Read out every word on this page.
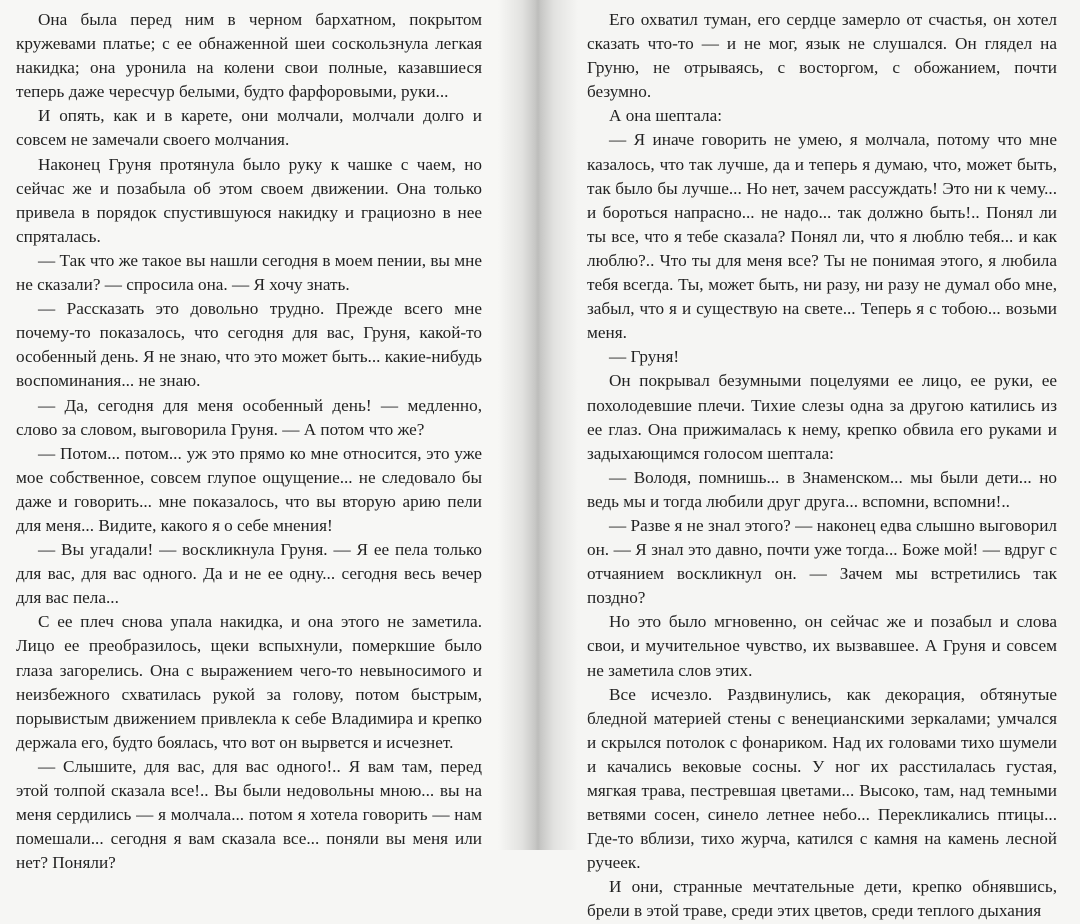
Она была перед ним в черном бархатном, покрытом кружевами платье; с ее обнаженной шеи соскользнула легкая накидка; она уронила на колени свои полные, казавшиеся теперь даже чересчур белыми, будто фарфоровыми, руки...

И опять, как и в карете, они молчали, молчали долго и совсем не замечали своего молчания.

Наконец Груня протянула было руку к чашке с чаем, но сейчас же и позабыла об этом своем движении. Она только привела в порядок спустившуюся накидку и грациозно в нее спряталась.

— Так что же такое вы нашли сегодня в моем пении, вы мне не сказали? — спросила она. — Я хочу знать.

— Рассказать это довольно трудно. Прежде всего мне почему-то показалось, что сегодня для вас, Груня, какой-то особенный день. Я не знаю, что это может быть... какие-нибудь воспоминания... не знаю.

— Да, сегодня для меня особенный день! — медленно, слово за словом, выговорила Груня. — А потом что же?

— Потом... потом... уж это прямо ко мне относится, это уже мое собственное, совсем глупое ощущение... не следовало бы даже и говорить... мне показалось, что вы вторую арию пели для меня... Видите, какого я о себе мнения!

— Вы угадали! — воскликнула Груня. — Я ее пела только для вас, для вас одного. Да и не ее одну... сегодня весь вечер для вас пела...

С ее плеч снова упала накидка, и она этого не заметила. Лицо ее преобразилось, щеки вспыхнули, померкшие было глаза загорелись. Она с выражением чего-то невыносимого и неизбежного схватилась рукой за голову, потом быстрым, порывистым движением привлекла к себе Владимира и крепко держала его, будто боялась, что вот он вырвется и исчезнет.

— Слышите, для вас, для вас одного!.. Я вам там, перед этой толпой сказала все!.. Вы были недовольны мною... вы на меня сердились — я молчала... потом я хотела говорить — нам помешали... сегодня я вам сказала все... поняли вы меня или нет? Поняли?

Его охватил туман, его сердце замерло от счастья, он хотел сказать что-то — и не мог, язык не слушался. Он глядел на Груню, не отрываясь, с восторгом, с обожанием, почти безумно.

А она шептала:

— Я иначе говорить не умею, я молчала, потому что мне казалось, что так лучше, да и теперь я думаю, что, может быть, так было бы лучше... Но нет, зачем рассуждать! Это ни к чему... и бороться напрасно... не надо... так должно быть!.. Понял ли ты все, что я тебе сказала? Понял ли, что я люблю тебя... и как люблю?.. Что ты для меня все? Ты не понимая этого, я любила тебя всегда. Ты, может быть, ни разу, ни разу не думал обо мне, забыл, что я и существую на свете... Теперь я с тобою... возьми меня.

— Груня!

Он покрывал безумными поцелуями ее лицо, ее руки, ее похолодевшие плечи. Тихие слезы одна за другою катились из ее глаз. Она прижималась к нему, крепко обвила его руками и задыхающимся голосом шептала:

— Володя, помнишь... в Знаменском... мы были дети... но ведь мы и тогда любили друг друга... вспомни, вспомни!..

— Разве я не знал этого? — наконец едва слышно выговорил он. — Я знал это давно, почти уже тогда... Боже мой! — вдруг с отчаянием воскликнул он. — Зачем мы встретились так поздно?

Но это было мгновенно, он сейчас же и позабыл и слова свои, и мучительное чувство, их вызвавшее. А Груня и совсем не заметила слов этих.

Все исчезло. Раздвинулись, как декорация, обтянутые бледной материей стены с венецианскими зеркалами; умчался и скрылся потолок с фонариком. Над их головами тихо шумели и качались вековые сосны. У ног их расстилалась густая, мягкая трава, пестревшая цветами... Высоко, там, над темными ветвями сосен, синело летнее небо... Перекликались птицы... Где-то вблизи, тихо журча, катился с камня на камень лесной ручеек.

И они, странные мечтательные дети, крепко обнявшись, брели в этой траве, среди этих цветов, среди теплого дыхания
